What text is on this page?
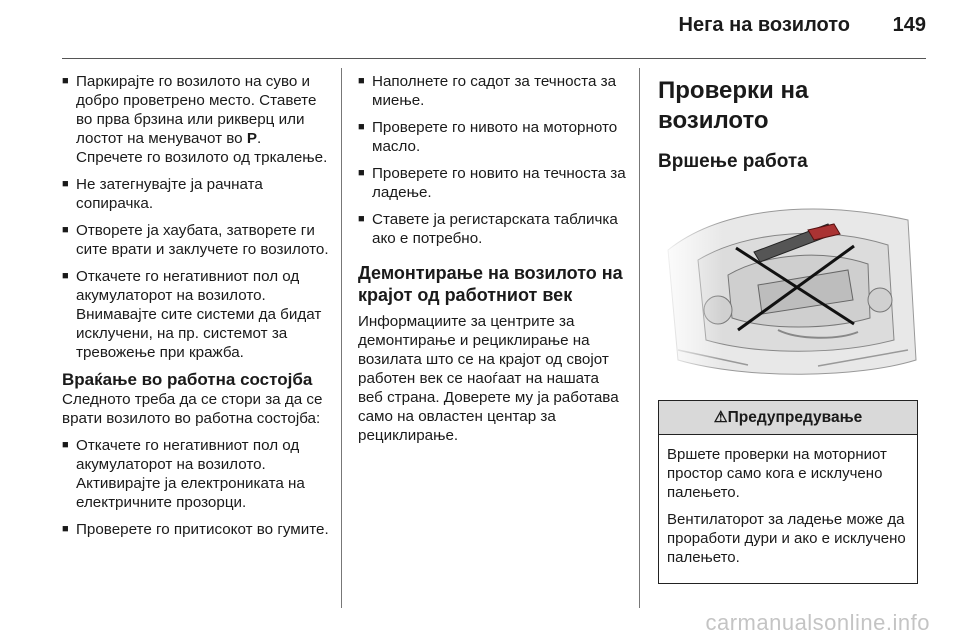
Нега на возилото 149
■ Паркирајте го возилото на суво и добро проветрено место. Ставете во прва брзина или рикверц или лостот на менувачот во P. Спречете го возилото од тркалење.
■ Не затегнувајте ја рачната сопирачка.
■ Отворете ја хаубата, затворете ги сите врати и заклучете го возилото.
■ Откачете го негативниот пол од акумулаторот на возилото. Внимавајте сите системи да бидат исклучени, на пр. системот за тревожење при кражба.

Враќање во работна состојба

Следното треба да се стори за да се врати возилото во работна состојба:

■ Откачете го негативниот пол од акумулаторот на возилото. Активирајте ја електрониката на електричните прозорци.
■ Проверете го притисокот во гумите.
■ Наполнете го садот за течноста за миење.
■ Проверете го нивото на моторното масло.
■ Проверете го новито на течноста за ладење.
■ Ставете ја регистарската табличка ако е потребно.

Демонтирање на возилото на крајот од работниот век

Информациите за центрите за демонтирање и рециклирање на возилата што се на крајот од својот работен век се наоѓаат на нашата веб страна. Доверете му ја работава само на овластен центар за рециклирање.

Проверки на возилото

Вршење работа

⚠Предупредување

Вршете проверки на моторниот простор само кога е исклучено палењето.

Вентилаторот за ладење може да проработи дури и ако е исклучено палењето.

carmanualsonline.info
